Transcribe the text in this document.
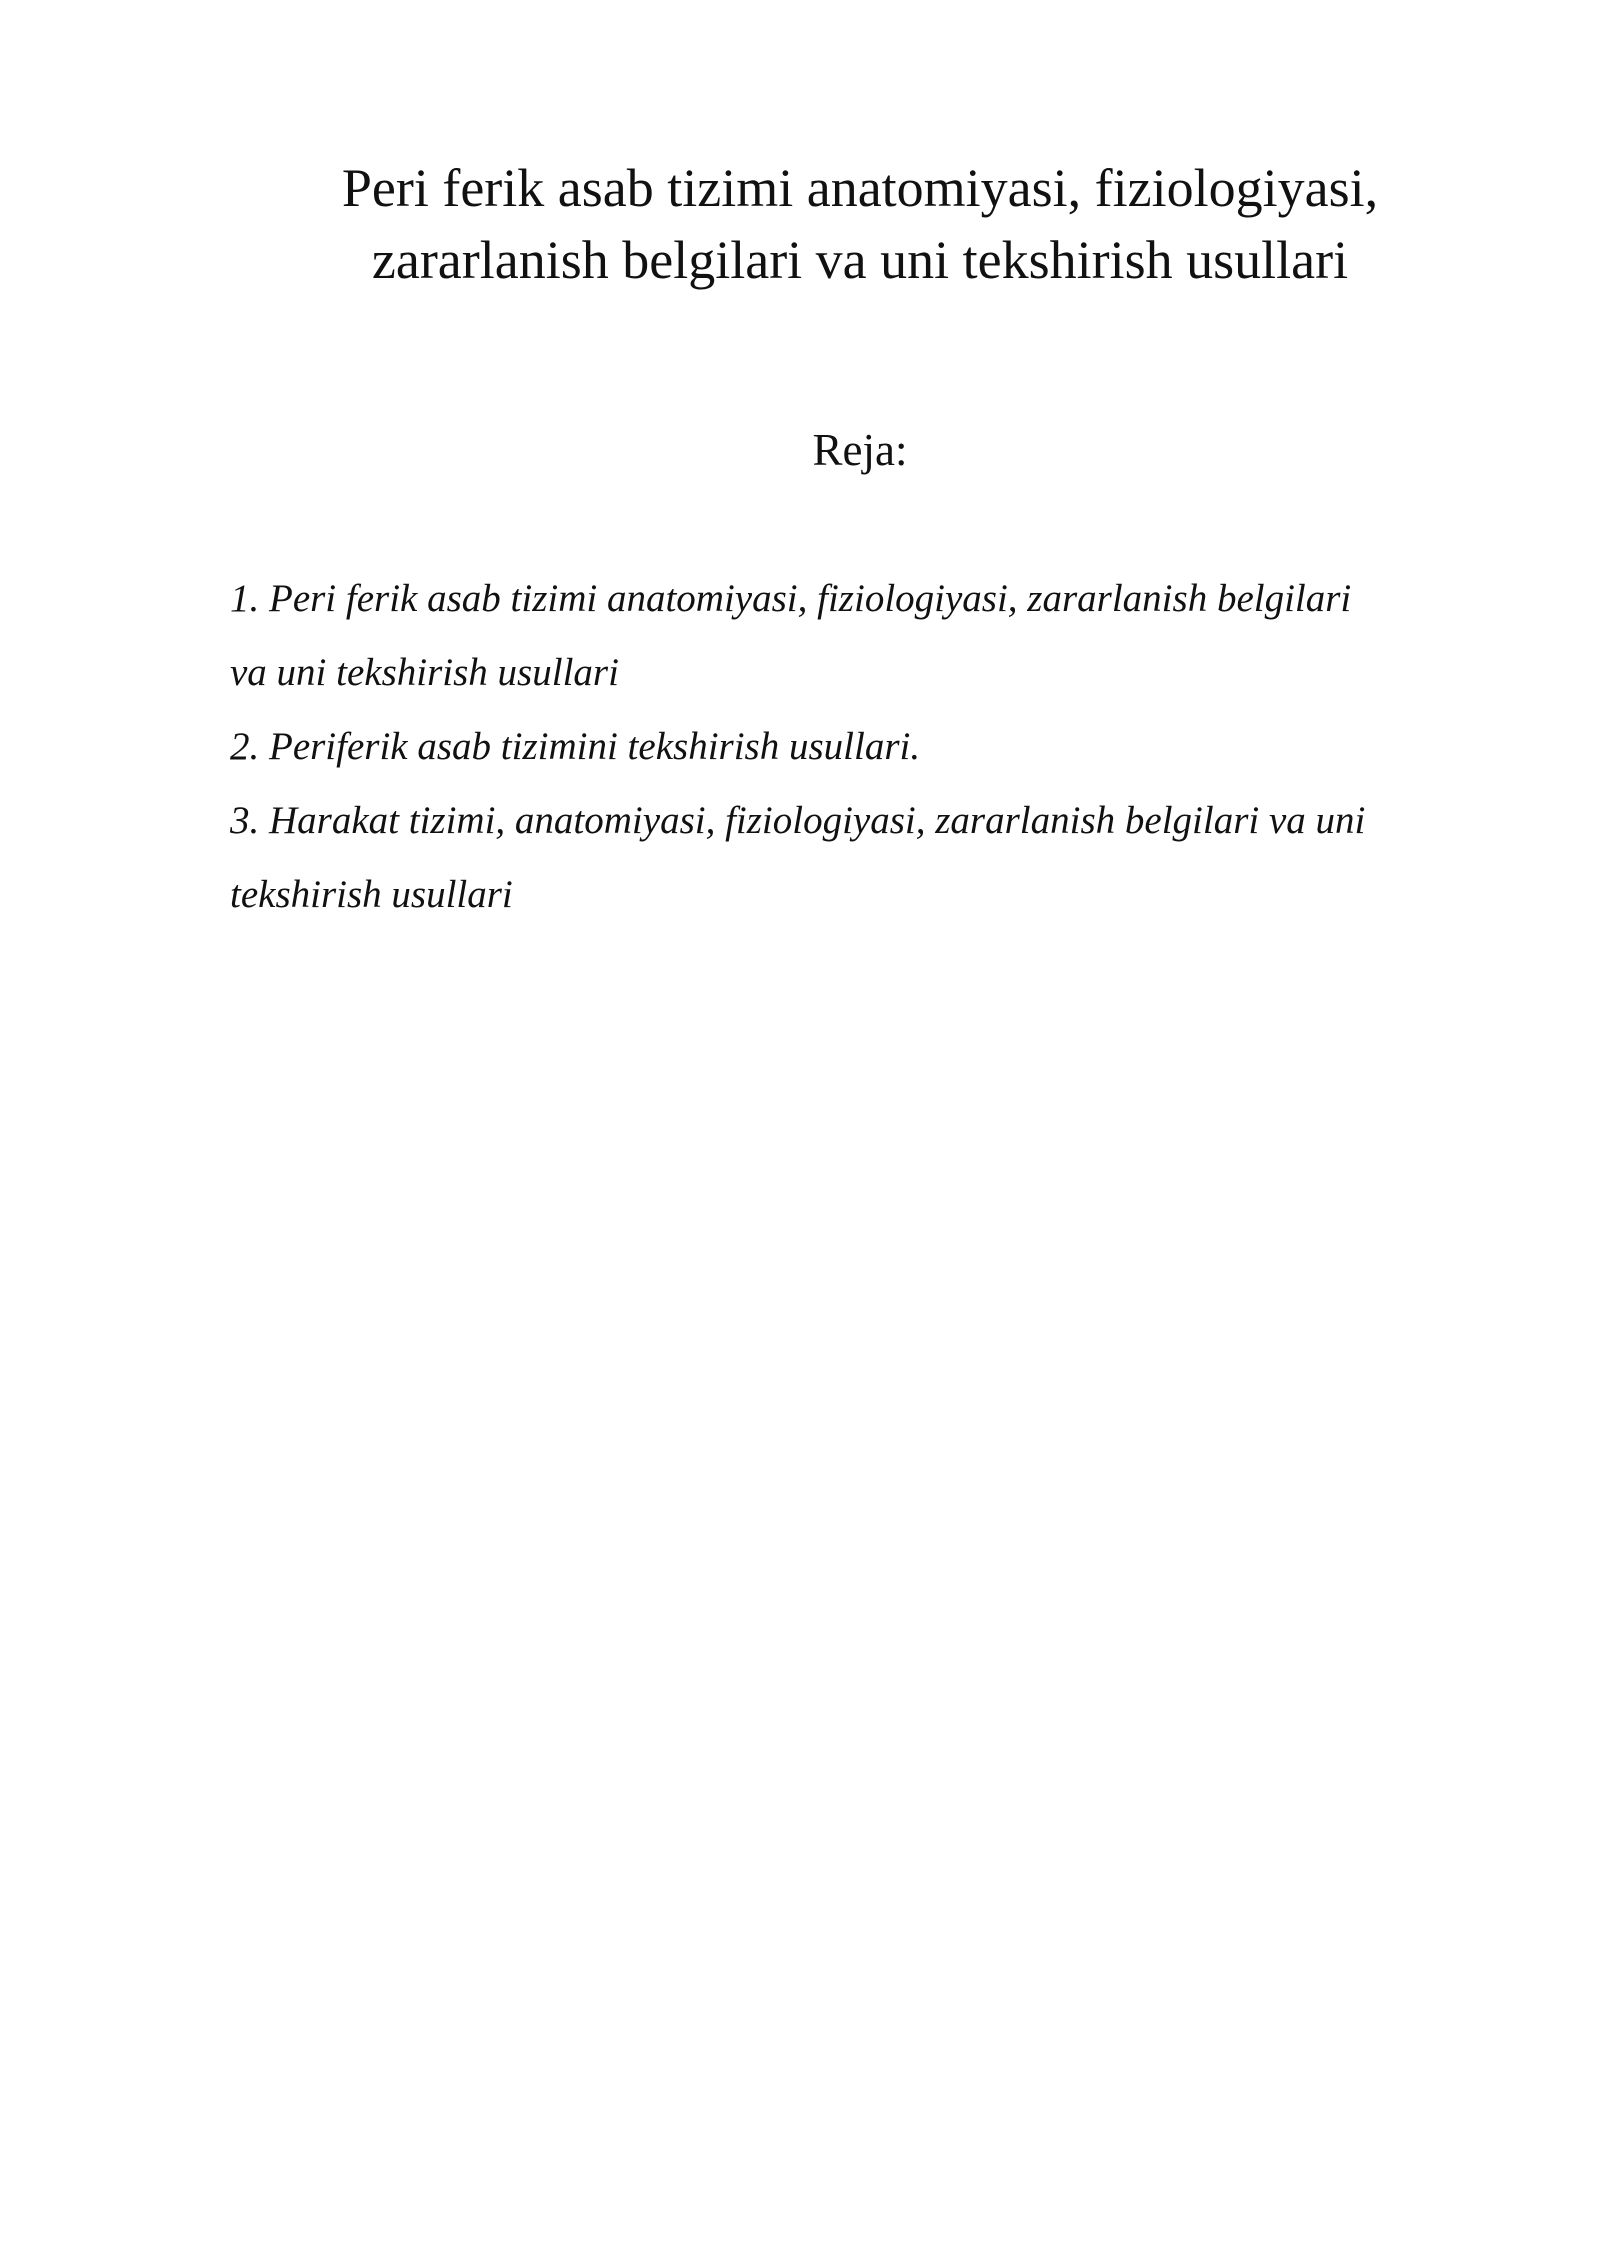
Peri ferik asab tizimi anatomiyasi, fiziologiyasi,
zararlanish belgilari va uni tekshirish usullari
Reja:
1. Peri ferik asab tizimi anatomiyasi, fiziologiyasi, zararlanish belgilari
va uni tekshirish usullari
2. Periferik asab tizimini tekshirish usullari.
3. Harakat tizimi, anatomiyasi, fiziologiyasi, zararlanish belgilari va uni
tekshirish usullari
